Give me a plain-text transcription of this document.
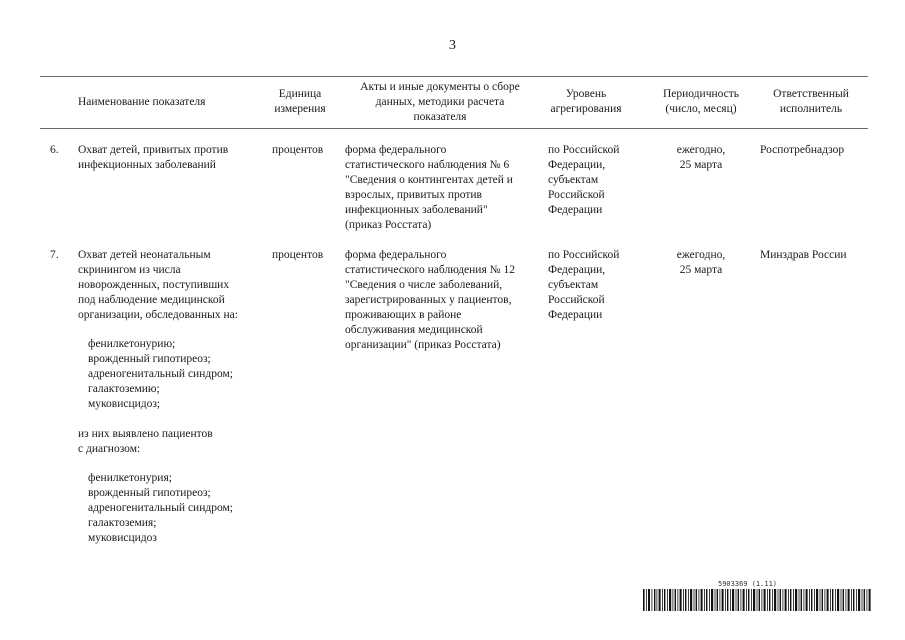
3
Наименование показателя
Единица
измерения
Акты и иные документы о сборе
данных, методики расчета
показателя
Уровень
агрегирования
Периодичность
(число, месяц)
Ответственный
исполнитель
6. Охват детей, привитых против
инфекционных заболеваний
процентов форма федерального
статистического наблюдения № 6
"Сведения о контингентах детей и
взрослых, привитых против
инфекционных заболеваний"
(приказ Росстата)
по Российской
Федерации,
субъектам
Российской
Федерации
ежегодно,
25 марта
Роспотребнадзор
7. Охват детей неонатальным
скринингом из числа
новорожденных, поступивших
под наблюдение медицинской
организации, обследованных на:
фенилкетонурию;
врожденный гипотиреоз;
адреногенитальный синдром;
галактоземию;
муковисцидоз;
из них выявлено пациентов
с диагнозом:
фенилкетонурия;
врожденный гипотиреоз;
адреногенитальный синдром;
галактоземия;
муковисцидоз
процентов форма федерального
статистического наблюдения № 12
"Сведения о числе заболеваний,
зарегистрированных у пациентов,
проживающих в районе
обслуживания медицинской
организации" (приказ Росстата)
по Российской
Федерации,
субъектам
Российской
Федерации
ежегодно,
25 марта
Минздрав России
5903369 (1.11)
